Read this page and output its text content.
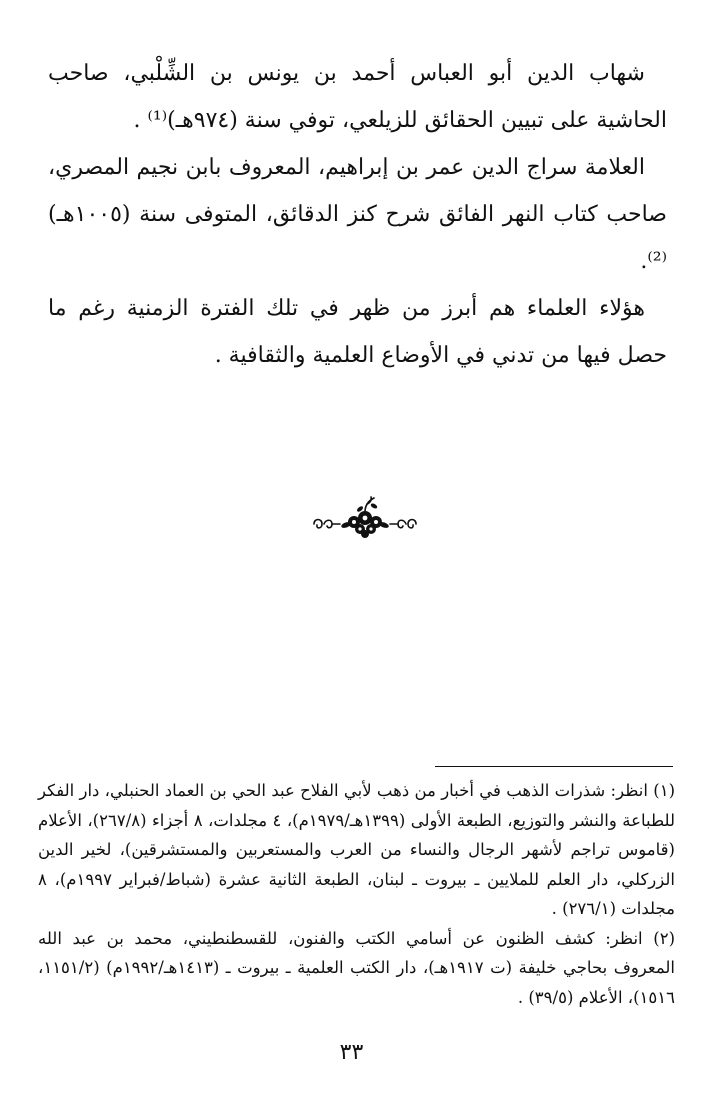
شهاب الدين أبو العباس أحمد بن يونس بن الشِّلْبي، صاحب الحاشية على تبيين الحقائق للزيلعي، توفي سنة (٩٧٤هـ)⁽¹⁾ .

العلامة سراج الدين عمر بن إبراهيم، المعروف بابن نجيم المصري، صاحب كتاب النهر الفائق شرح كنز الدقائق، المتوفى سنة (١٠٠٥هـ)⁽²⁾.

هؤلاء العلماء هم أبرز من ظهر في تلك الفترة الزمنية رغم ما حصل فيها من تدني في الأوضاع العلمية والثقافية .

(١) انظر: شذرات الذهب في أخبار من ذهب لأبي الفلاح عبد الحي بن العماد الحنبلي، دار الفكر للطباعة والنشر والتوزيع، الطبعة الأولى (١٣٩٩هـ/١٩٧٩م)، ٤ مجلدات، ٨ أجزاء (٢٦٧/٨)، الأعلام (قاموس تراجم لأشهر الرجال والنساء من العرب والمستعربين والمستشرقين)، لخير الدين الزركلي، دار العلم للملايين ـ بيروت ـ لبنان، الطبعة الثانية عشرة (شباط/فبراير ١٩٩٧م)، ٨ مجلدات (٢٧٦/١) .

(٢) انظر: كشف الظنون عن أسامي الكتب والفنون، للقسطنطيني، محمد بن عبد الله المعروف بحاجي خليفة (ت ١٩١٧هـ)، دار الكتب العلمية ـ بيروت ـ (١٤١٣هـ/١٩٩٢م) (١١٥١/٢، ١٥١٦)، الأعلام (٣٩/٥) .

٣٣
